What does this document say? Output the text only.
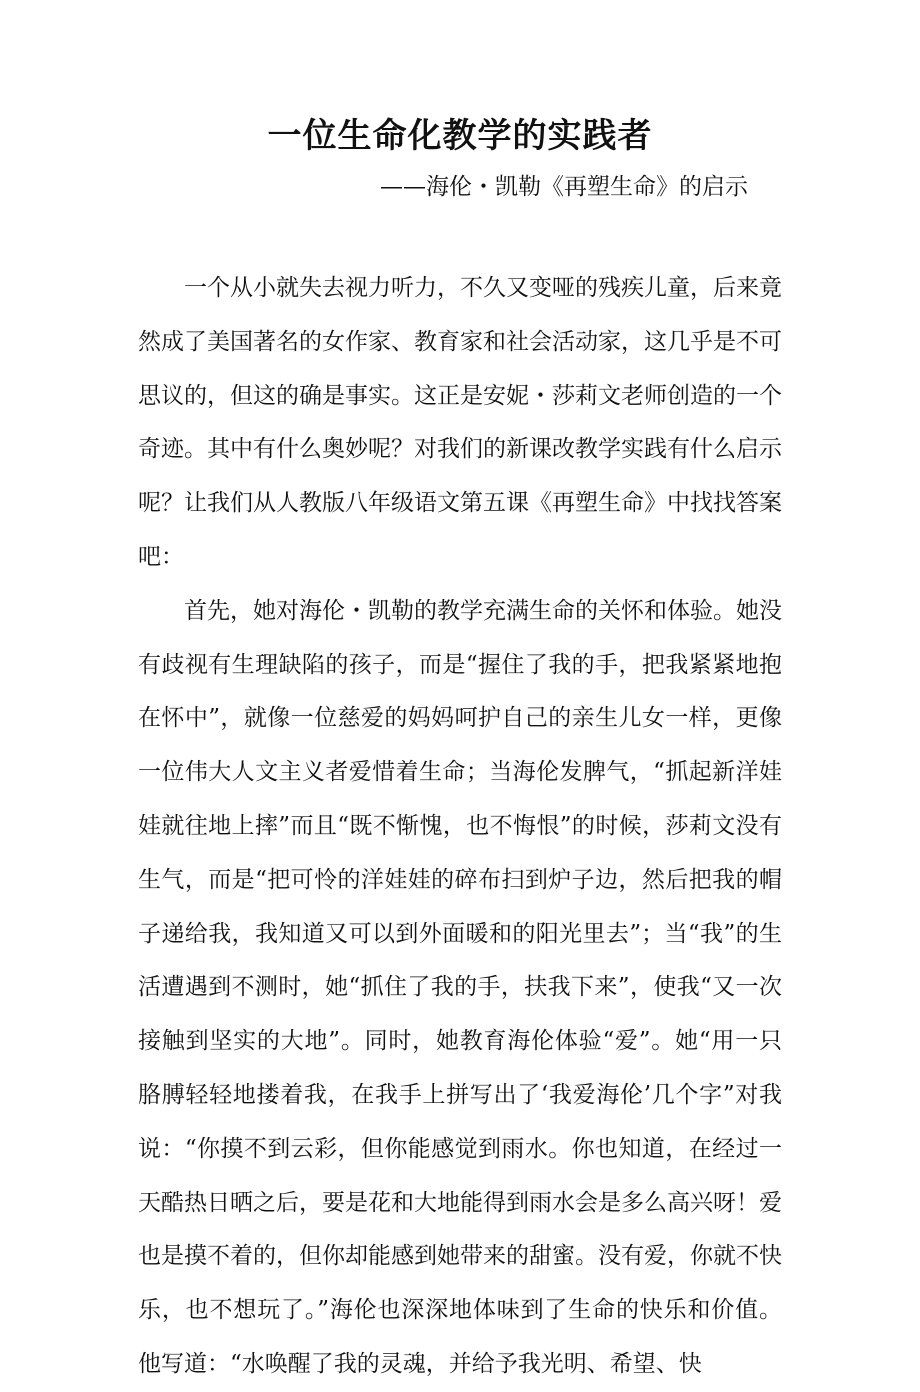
一位生命化教学的实践者
——海伦・凯勒《再塑生命》的启示

一个从小就失去视力听力，不久又变哑的残疾儿童，后来竟然成了美国著名的女作家、教育家和社会活动家，这几乎是不可思议的，但这的确是事实。这正是安妮・莎莉文老师创造的一个奇迹。其中有什么奥妙呢？对我们的新课改教学实践有什么启示呢？让我们从人教版八年级语文第五课《再塑生命》中找找答案吧：

首先，她对海伦・凯勒的教学充满生命的关怀和体验。她没有歧视有生理缺陷的孩子，而是“握住了我的手，把我紧紧地抱在怀中”，就像一位慈爱的妈妈呵护自己的亲生儿女一样，更像一位伟大人文主义者爱惜着生命；当海伦发脾气，“抓起新洋娃娃就往地上摔”而且“既不惭愧，也不悔恨”的时候，莎莉文没有生气，而是“把可怜的洋娃娃的碎布扫到炉子边，然后把我的帽子递给我，我知道又可以到外面暖和的阳光里去”；当“我”的生活遭遇到不测时，她“抓住了我的手，扶我下来”，使我“又一次接触到坚实的大地”。同时，她教育海伦体验“爱”。她“用一只胳膊轻轻地搂着我，在我手上拼写出了‘我爱海伦’几个字”对我说：“你摸不到云彩，但你能感觉到雨水。你也知道，在经过一天酷热日晒之后，要是花和大地能得到雨水会是多么高兴呀！爱也是摸不着的，但你却能感到她带来的甜蜜。没有爱，你就不快乐，也不想玩了。”海伦也深深地体味到了生命的快乐和价值。他写道：“水唤醒了我的灵魂，并给予我光明、希望、快
